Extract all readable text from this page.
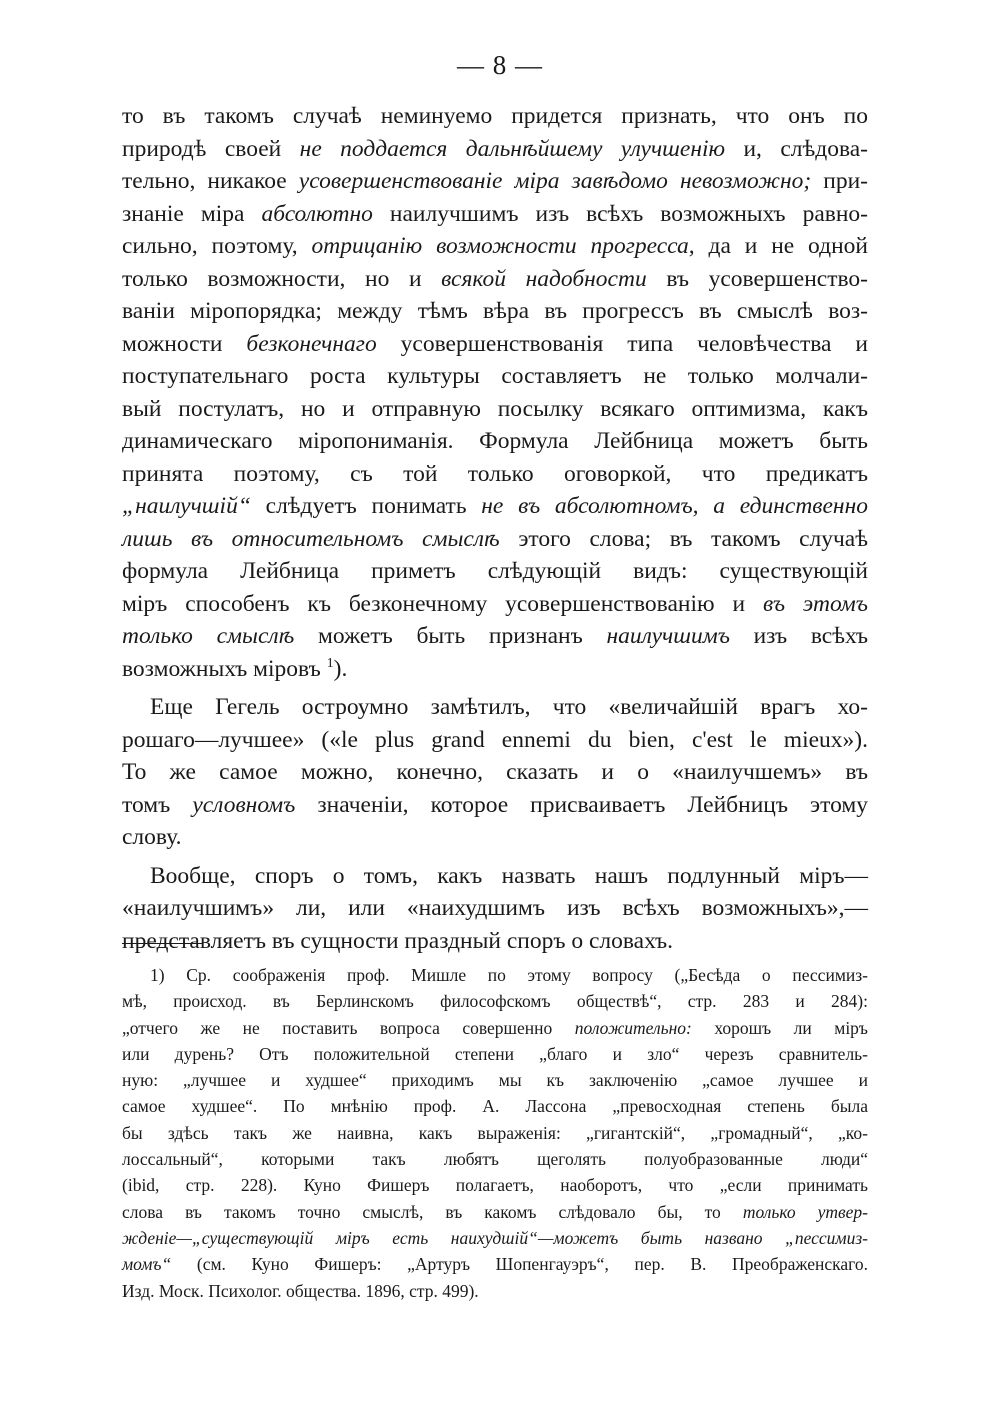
— 8 —
то въ такомъ случаѣ неминуемо придется признать, что онъ по
природѣ своей не поддается дальнѣйшему улучшенію и, слѣдова-
тельно, никакое усовершенствованіе міра завѣдомо невозможно; при-
знаніе міра абсолютно наилучшимъ изъ всѣхъ возможныхъ равно-
сильно, поэтому, отрицанію возможности прогресса, да и не одной
только возможности, но и всякой надобности въ усовершенство-
ваніи міропорядка; между тѣмъ вѣра въ прогрессъ въ смыслѣ воз-
можности безконечнаго усовершенствованія типа человѣчества и
поступательнаго роста культуры составляетъ не только молчали-
вый постулатъ, но и отправную посылку всякаго оптимизма, какъ
динамическаго міропониманія. Формула Лейбница можетъ быть
принята поэтому, съ той только оговоркой, что предикатъ
„наилучшій“ слѣдуетъ понимать не въ абсолютномъ, а единственно
лишь въ относительномъ смыслѣ этого слова; въ такомъ случаѣ
формула Лейбница приметъ слѣдующій видъ: существующій
міръ способенъ къ безконечному усовершенствованію и въ этомъ
только смыслѣ можетъ быть признанъ наилучшимъ изъ всѣхъ
возможныхъ міровъ $^1$).
Еще Гегель остроумно замѣтилъ, что «величайшій врагъ хо-
рошаго—лучшее» («le plus grand ennemi du bien, c'est le mieux»).
То же самое можно, конечно, сказать и о «наилучшемъ» въ
томъ условномъ значеніи, которое присваиваетъ Лейбницъ этому
слову.
Вообще, споръ о томъ, какъ назвать нашъ подлунный міръ—
«наилучшимъ» ли, или «наихудшимъ изъ всѣхъ возможныхъ»,—
представляетъ въ сущности праздный споръ о словахъ.
1) Ср. соображенія проф. Мишле по этому вопросу („Бесѣда о пессимиз-
мѣ, происход. въ Берлинскомъ философскомъ обществѣ“, стр. 283 и 284):
„отчего же не поставить вопроса совершенно положительно: хорошъ ли міръ
или дурень? Отъ положительной степени „благо и зло“ черезъ сравнитель-
ную: „лучшее и худшее“ приходимъ мы къ заключенію „самое лучшее и
самое худшее“. По мнѣнію проф. А. Лассона „превосходная степень была
бы здѣсь такъ же наивна, какъ выраженія: „гигантскій“, „громадный“, „ко-
лоссальный“, которыми такъ любятъ щеголять полуобразованные люди“
(ibid, стр. 228). Куно Фишеръ полагаетъ, наоборотъ, что „если принимать
слова въ такомъ точно смыслѣ, въ какомъ слѣдовало бы, то только утвер-
жденіе—„существующій міръ есть наихудшій“—можетъ быть названо „пессимиз-
момъ“ (см. Куно Фишеръ: „Артуръ Шопенгауэръ“, пер. В. Преображенскаго.
Изд. Моск. Психолог. общества. 1896, стр. 499).
